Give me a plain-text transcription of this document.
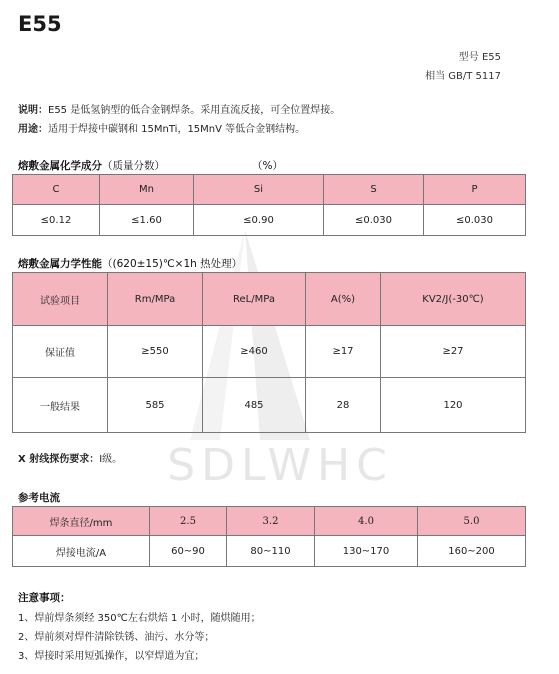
SDLWHC
E55
型号 E55
相当 GB/T 5117
说明：E55 是低氢钠型的低合金钢焊条。采用直流反接，可全位置焊接。
用途：适用于焊接中碳钢和 15MnTi，15MnV 等低合金钢结构。
熔敷金属化学成分（质量分数）	（%）
C	Mn	Si	S	P
≤0.12	≤1.60	≤0.90	≤0.030	≤0.030
熔敷金属力学性能（(620±15)℃×1h 热处理）
试验项目	Rm/MPa	ReL/MPa	A(%)	KV2/J(-30℃)
保证值	≥550	≥460	≥17	≥27
一般结果	585	485	28	120
X 射线探伤要求：Ⅰ级。
参考电流
焊条直径/mm	2.5	3.2	4.0	5.0
焊接电流/A	60~90	80~110	130~170	160~200
注意事项：
1、焊前焊条须经 350℃左右烘焙 1 小时，随烘随用；
2、焊前须对焊件清除铁锈、油污、水分等；
3、焊接时采用短弧操作，以窄焊道为宜；
